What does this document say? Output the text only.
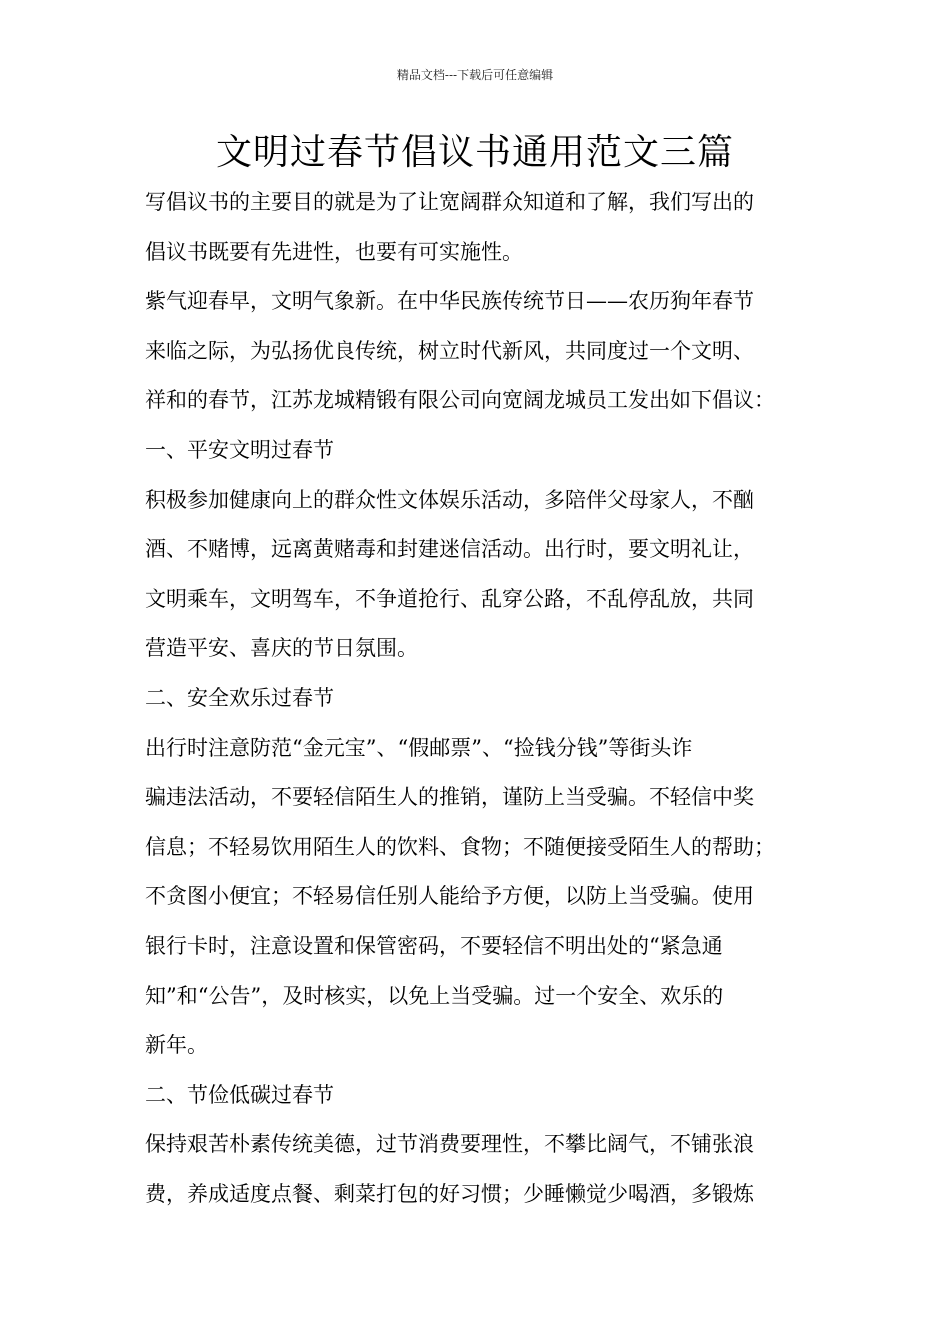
精品文档---下载后可任意编辑
文明过春节倡议书通用范文三篇
写倡议书的主要目的就是为了让宽阔群众知道和了解，我们写出的
倡议书既要有先进性，也要有可实施性。
紫气迎春早，文明气象新。在中华民族传统节日——农历狗年春节
来临之际，为弘扬优良传统，树立时代新风，共同度过一个文明、
祥和的春节，江苏龙城精锻有限公司向宽阔龙城员工发出如下倡议：
一、平安文明过春节
积极参加健康向上的群众性文体娱乐活动，多陪伴父母家人，不酗
酒、不赌博，远离黄赌毒和封建迷信活动。出行时，要文明礼让，
文明乘车，文明驾车，不争道抢行、乱穿公路，不乱停乱放，共同
营造平安、喜庆的节日氛围。
二、安全欢乐过春节
出行时注意防范“金元宝”、“假邮票”、“捡钱分钱”等街头诈
骗违法活动，不要轻信陌生人的推销，谨防上当受骗。不轻信中奖
信息；不轻易饮用陌生人的饮料、食物；不随便接受陌生人的帮助；
不贪图小便宜；不轻易信任别人能给予方便，以防上当受骗。使用
银行卡时，注意设置和保管密码，不要轻信不明出处的“紧急通
知”和“公告”，及时核实，以免上当受骗。过一个安全、欢乐的
新年。
二、节俭低碳过春节
保持艰苦朴素传统美德，过节消费要理性，不攀比阔气，不铺张浪
费，养成适度点餐、剩菜打包的好习惯；少睡懒觉少喝酒，多锻炼
